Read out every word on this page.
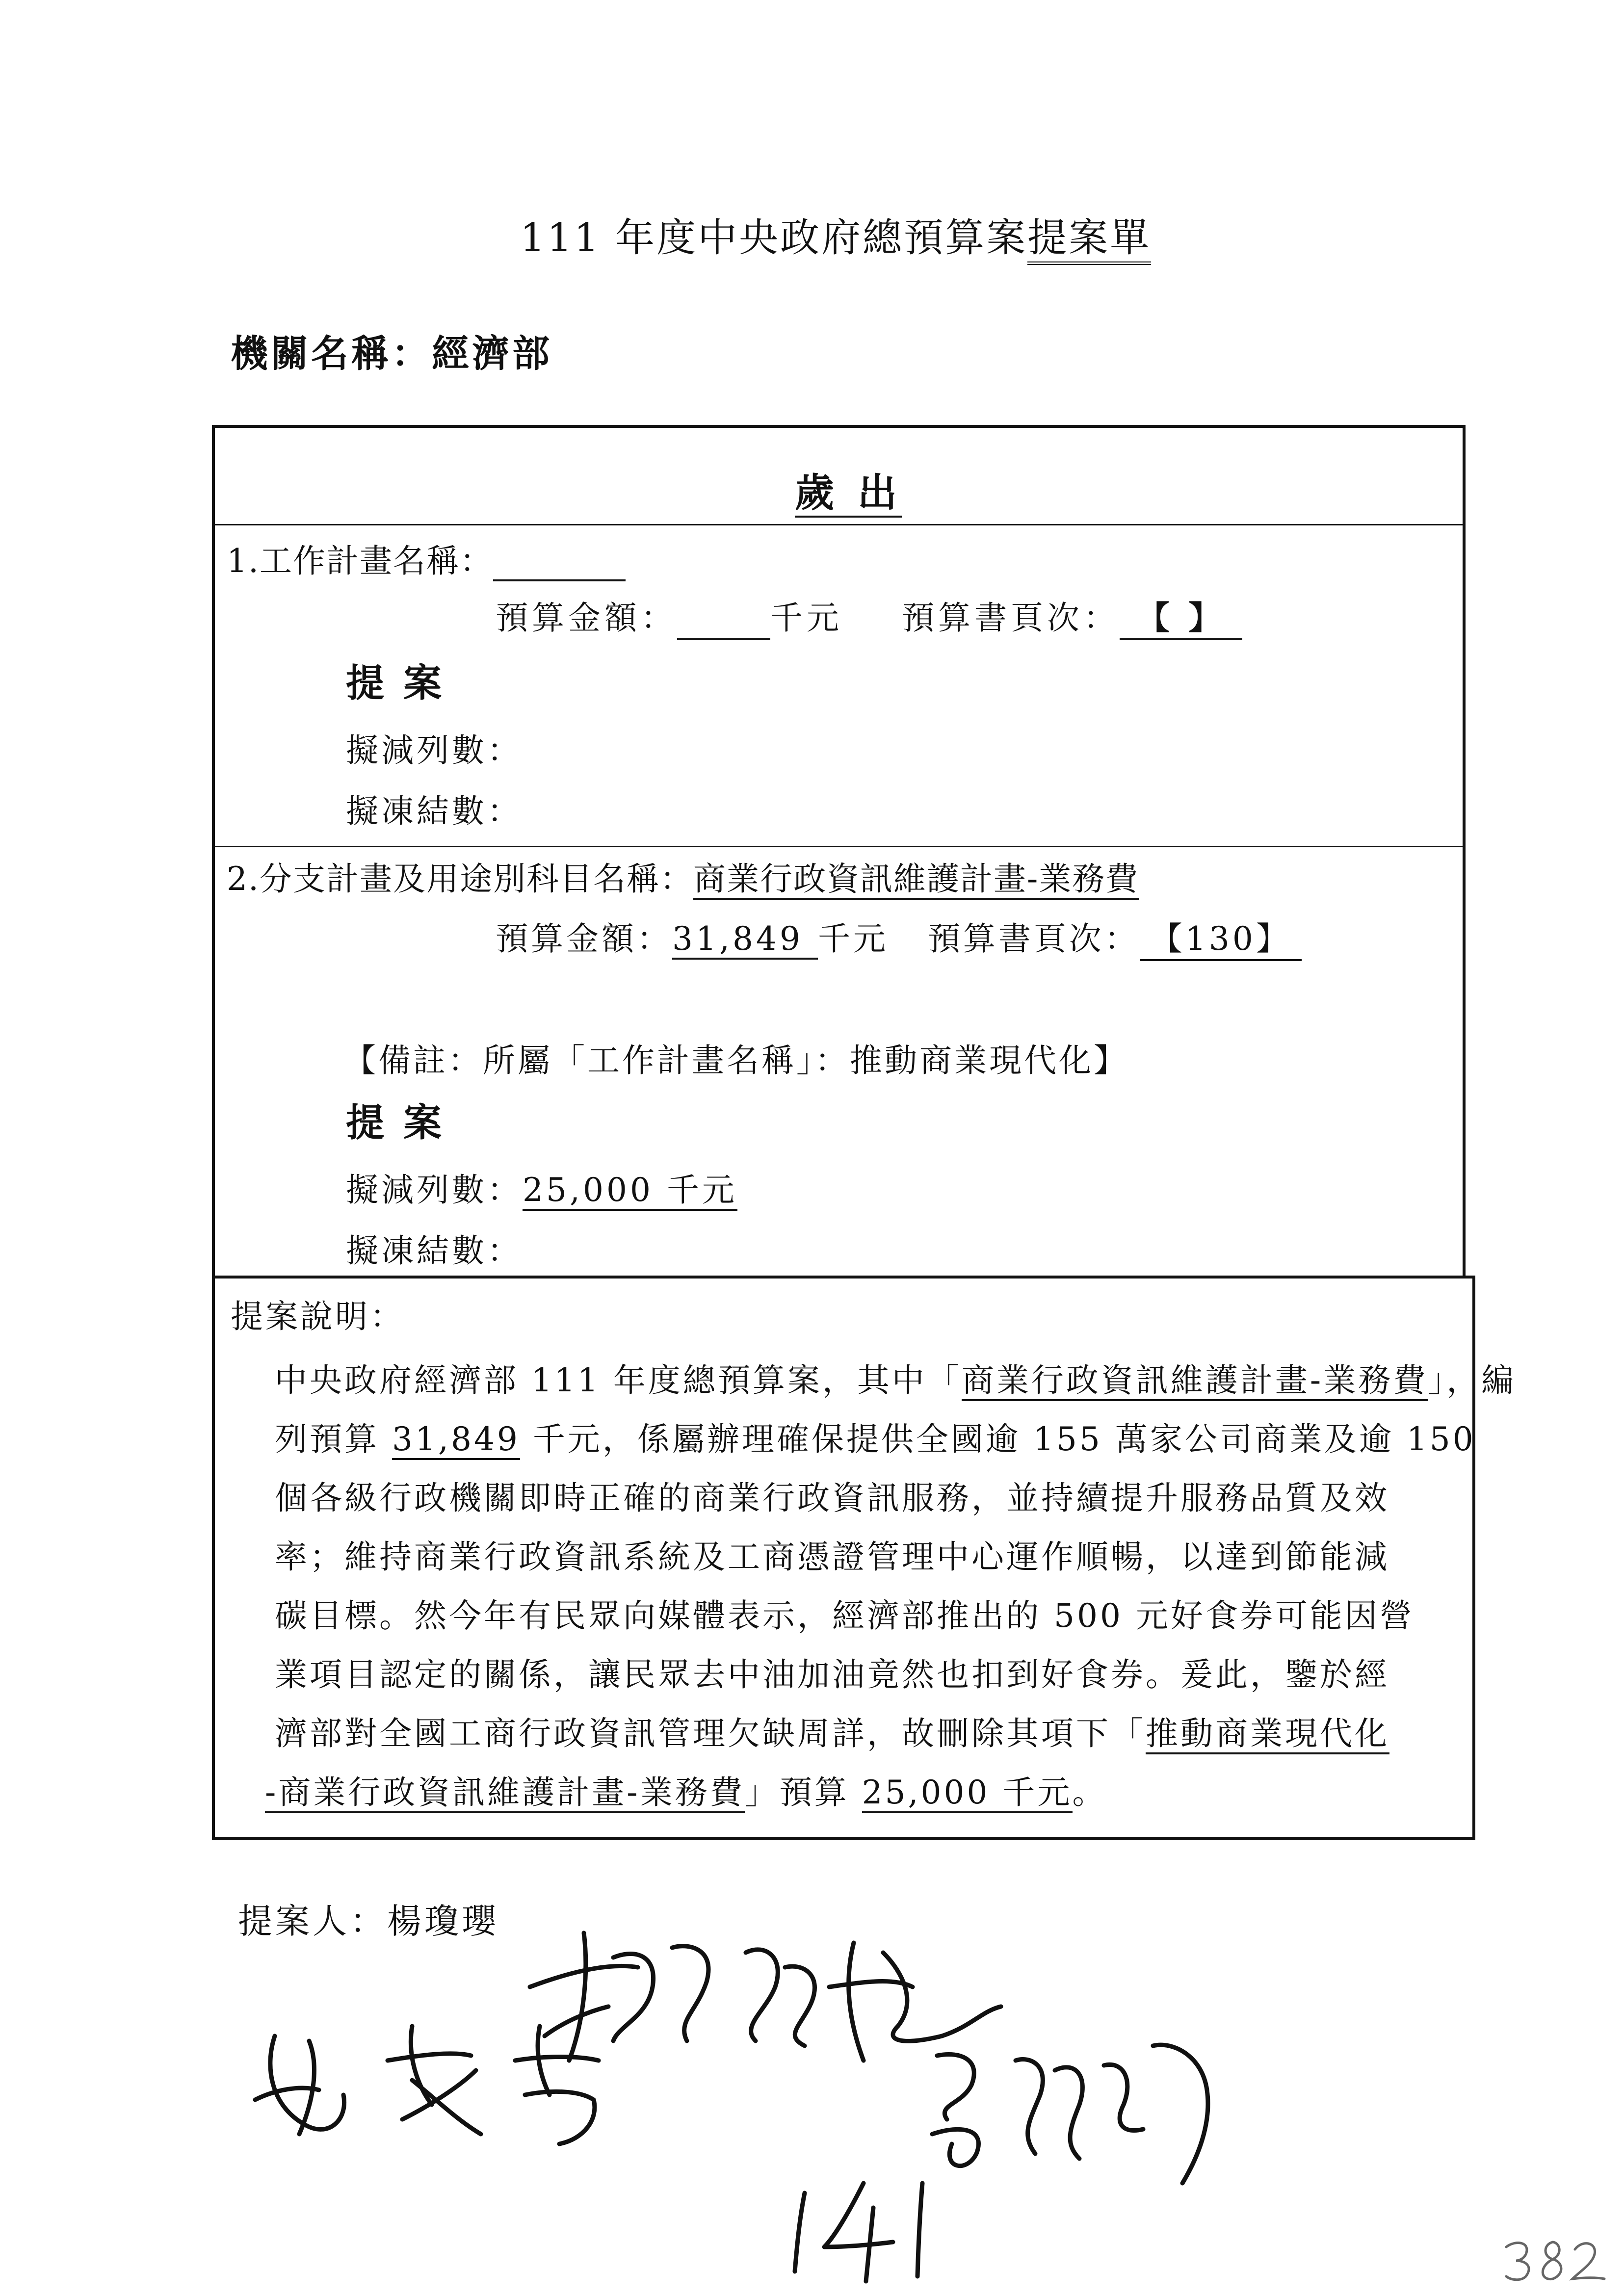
111 年度中央政府總預算案提案單
機關名稱：經濟部
歲 出
1.工作計畫名稱：
預算金額：	千元 預算書頁次： 【 】
提 案
擬減列數：
擬凍結數：
2.分支計畫及用途別科目名稱：商業行政資訊維護計畫-業務費
預算金額：31,849 千元 預算書頁次： 【130】
【備註：所屬「工作計畫名稱」：推動商業現代化】
提 案
擬減列數：25,000 千元
擬凍結數：
提案說明：
中央政府經濟部 111 年度總預算案，其中「商業行政資訊維護計畫-業務費」，編
列預算 31,849 千元，係屬辦理確保提供全國逾 155 萬家公司商業及逾 150
個各級行政機關即時正確的商業行政資訊服務，並持續提升服務品質及效
率；維持商業行政資訊系統及工商憑證管理中心運作順暢，以達到節能減
碳目標。然今年有民眾向媒體表示，經濟部推出的 500 元好食券可能因營
業項目認定的關係，讓民眾去中油加油竟然也扣到好食券。爰此，鑒於經
濟部對全國工商行政資訊管理欠缺周詳，故刪除其項下「推動商業現代化
-商業行政資訊維護計畫-業務費」預算 25,000 千元。
提案人：楊瓊瓔
